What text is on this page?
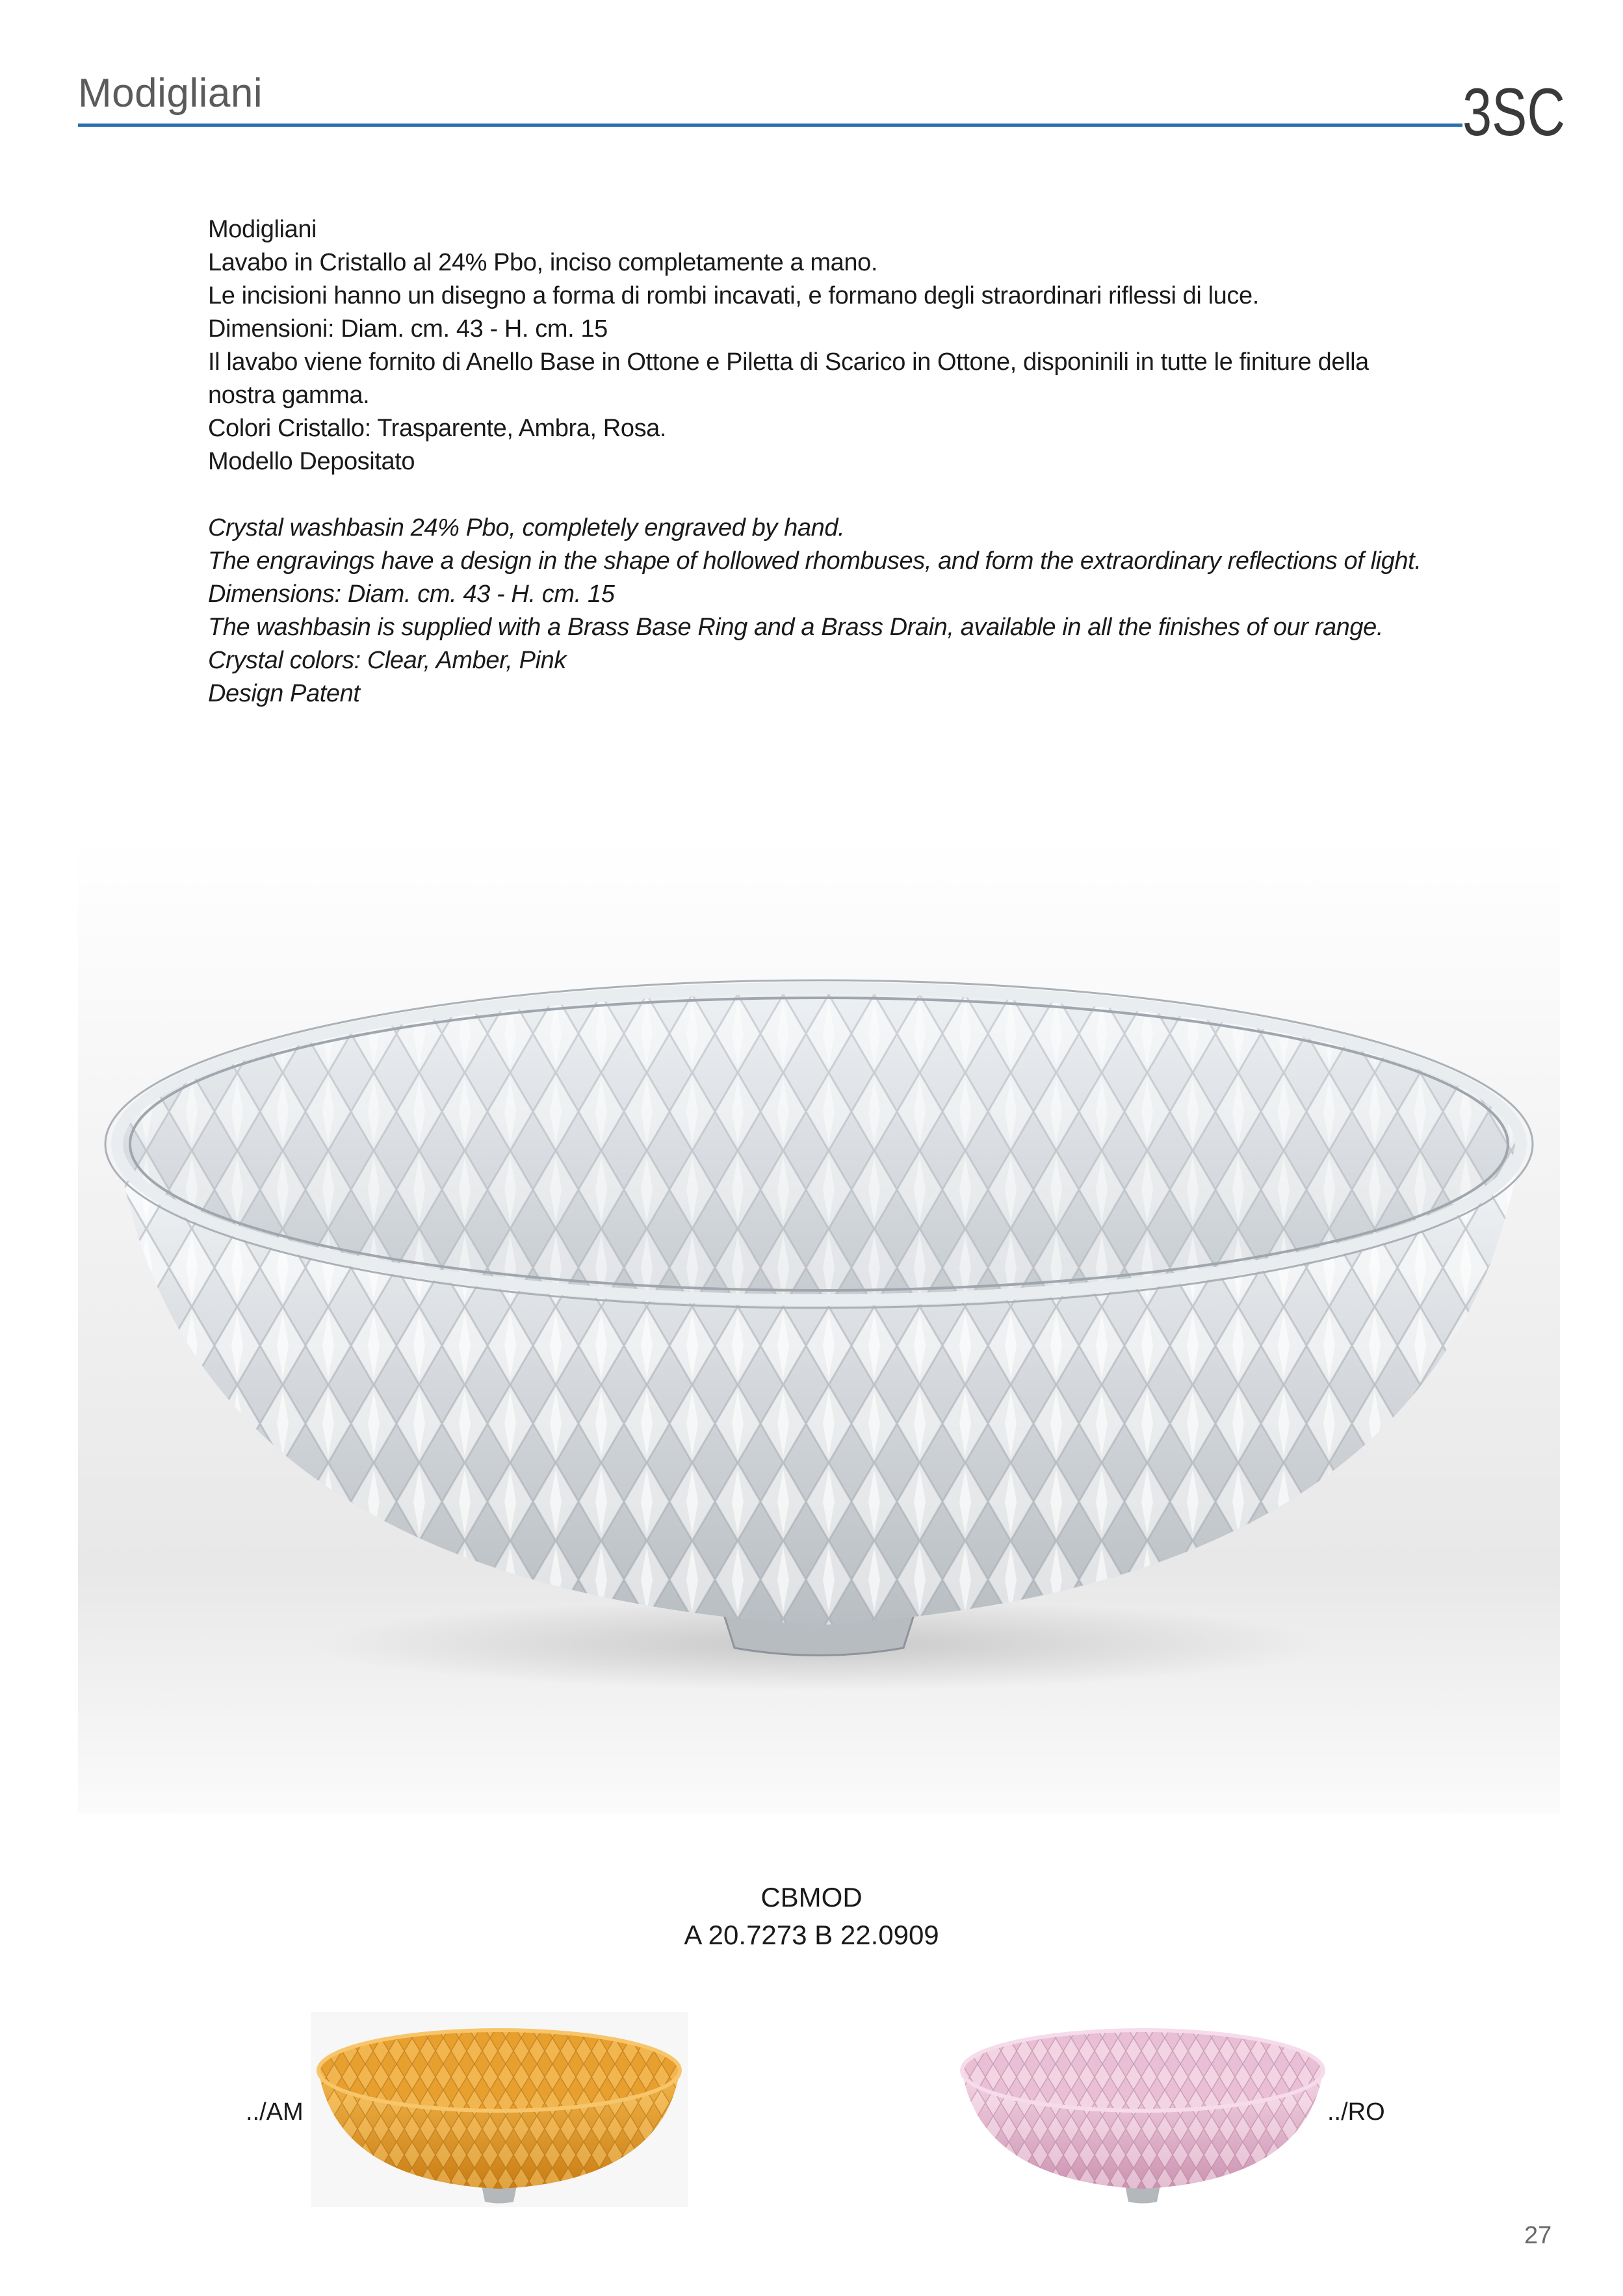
Modigliani	3SC

Modigliani

Lavabo in Cristallo al 24% Pbo, inciso completamente a mano.

Le incisioni hanno un disegno a forma di rombi incavati, e formano degli straordinari riflessi di luce.

Dimensioni: Diam. cm. 43 - H. cm. 15

Il lavabo viene fornito di Anello Base in Ottone e Piletta di Scarico in Ottone, disponinili in tutte le finiture della nostra gamma.

Colori Cristallo: Trasparente, Ambra, Rosa.

Modello Depositato

Crystal washbasin 24% Pbo, completely engraved by hand.

The engravings have a design in the shape of hollowed rhombuses, and form the extraordinary reflections of light.

Dimensions: Diam. cm. 43 - H. cm. 15

The washbasin is supplied with a Brass Base Ring and a Brass Drain, available in all the finishes of our range.

Crystal colors: Clear, Amber, Pink

Design Patent

CBMOD
A 20.7273 B 22.0909
../AM	../RO
27
